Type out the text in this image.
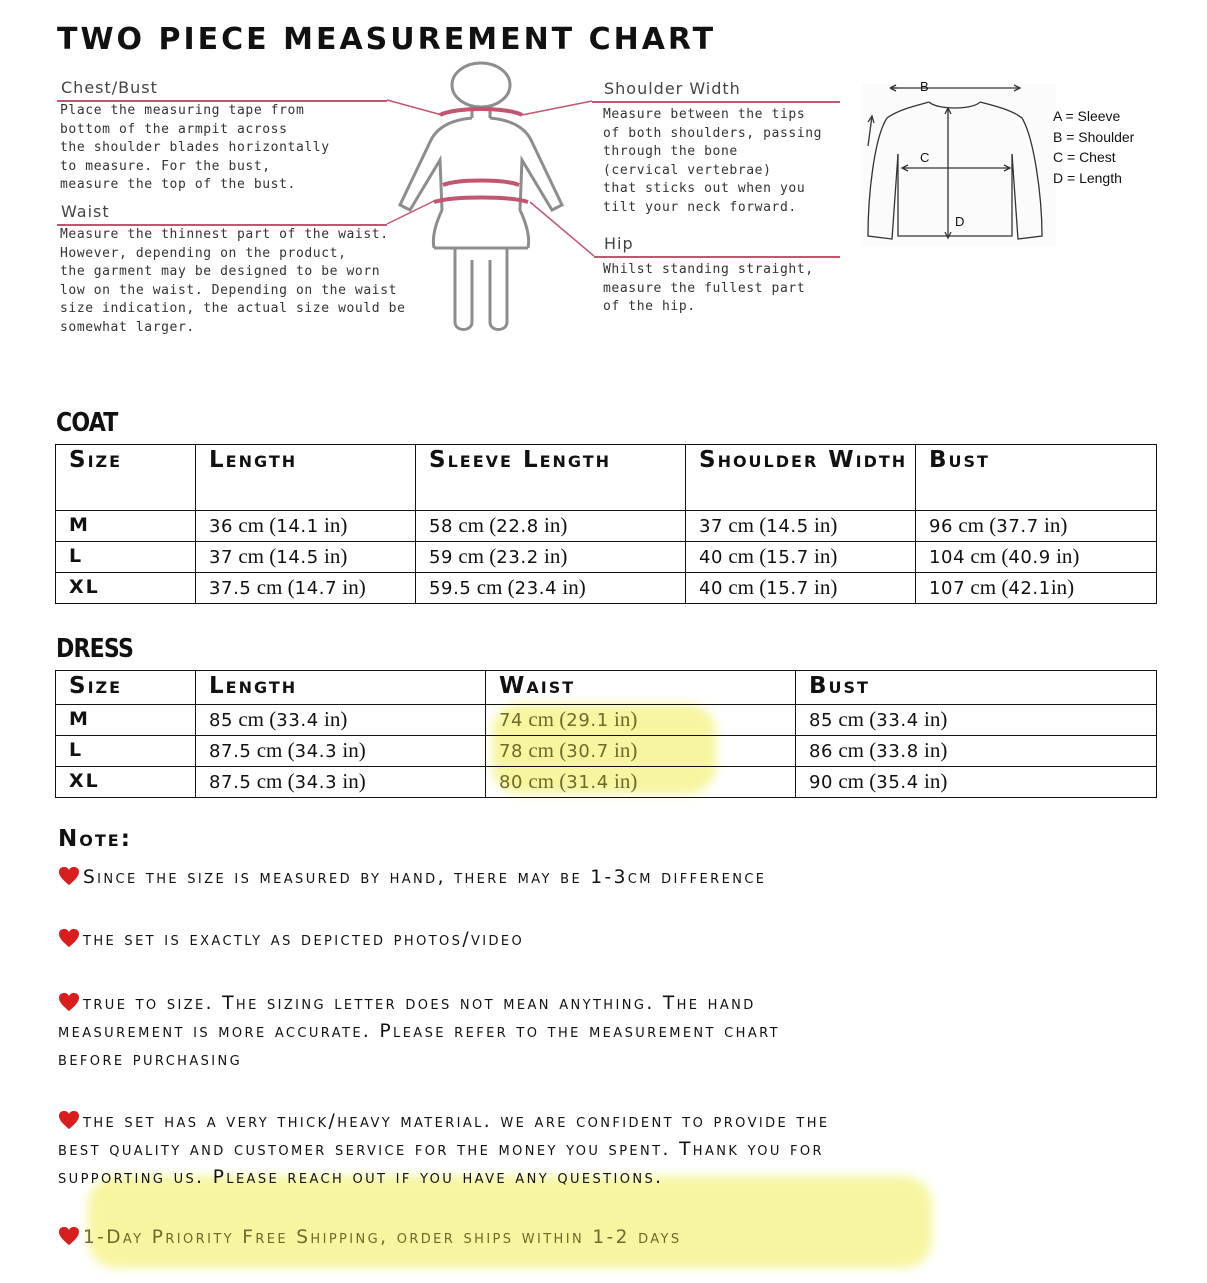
TWO PIECE MEASUREMENT CHART
Chest/Bust
Place the measuring tape from
bottom of the armpit across
the shoulder blades horizontally
to measure. For the bust,
measure the top of the bust.
Waist
Measure the thinnest part of the waist.
However, depending on the product,
the garment may be designed to be worn
low on the waist. Depending on the waist
size indication, the actual size would be
somewhat larger.
Shoulder Width
Measure between the tips
of both shoulders, passing
through the bone
(cervical vertebrae)
that sticks out when you
tilt your neck forward.
Hip
Whilst standing straight,
measure the fullest part
of the hip.
B
C
D
A = Sleeve
B = Shoulder
C = Chest
D = Length
COAT
Size	Length	Sleeve Length	Shoulder Width	Bust
M	36 cm (14.1 in)	58 cm (22.8 in)	37 cm (14.5 in)	96 cm (37.7 in)
L	37 cm (14.5 in)	59 cm (23.2 in)	40 cm (15.7 in)	104 cm (40.9 in)
XL	37.5 cm (14.7 in)	59.5 cm (23.4 in)	40 cm (15.7 in)	107 cm (42.1in)
DRESS
Size	Length	Waist	Bust
M	85 cm (33.4 in)	74 cm (29.1 in)	85 cm (33.4 in)
L	87.5 cm (34.3 in)	78 cm (30.7 in)	86 cm (33.8 in)
XL	87.5 cm (34.3 in)	80 cm (31.4 in)	90 cm (35.4 in)
Note:
Since the size is measured by hand, there may be 1-3cm difference
the set is exactly as depicted photos/video
true to size. The sizing letter does not mean anything. The hand
measurement is more accurate. Please refer to the measurement chart
before purchasing
the set has a very thick/heavy material. we are confident to provide the
best quality and customer service for the money you spent. Thank you for
supporting us. Please reach out if you have any questions.
1-Day Priority Free Shipping, order ships within 1-2 days
